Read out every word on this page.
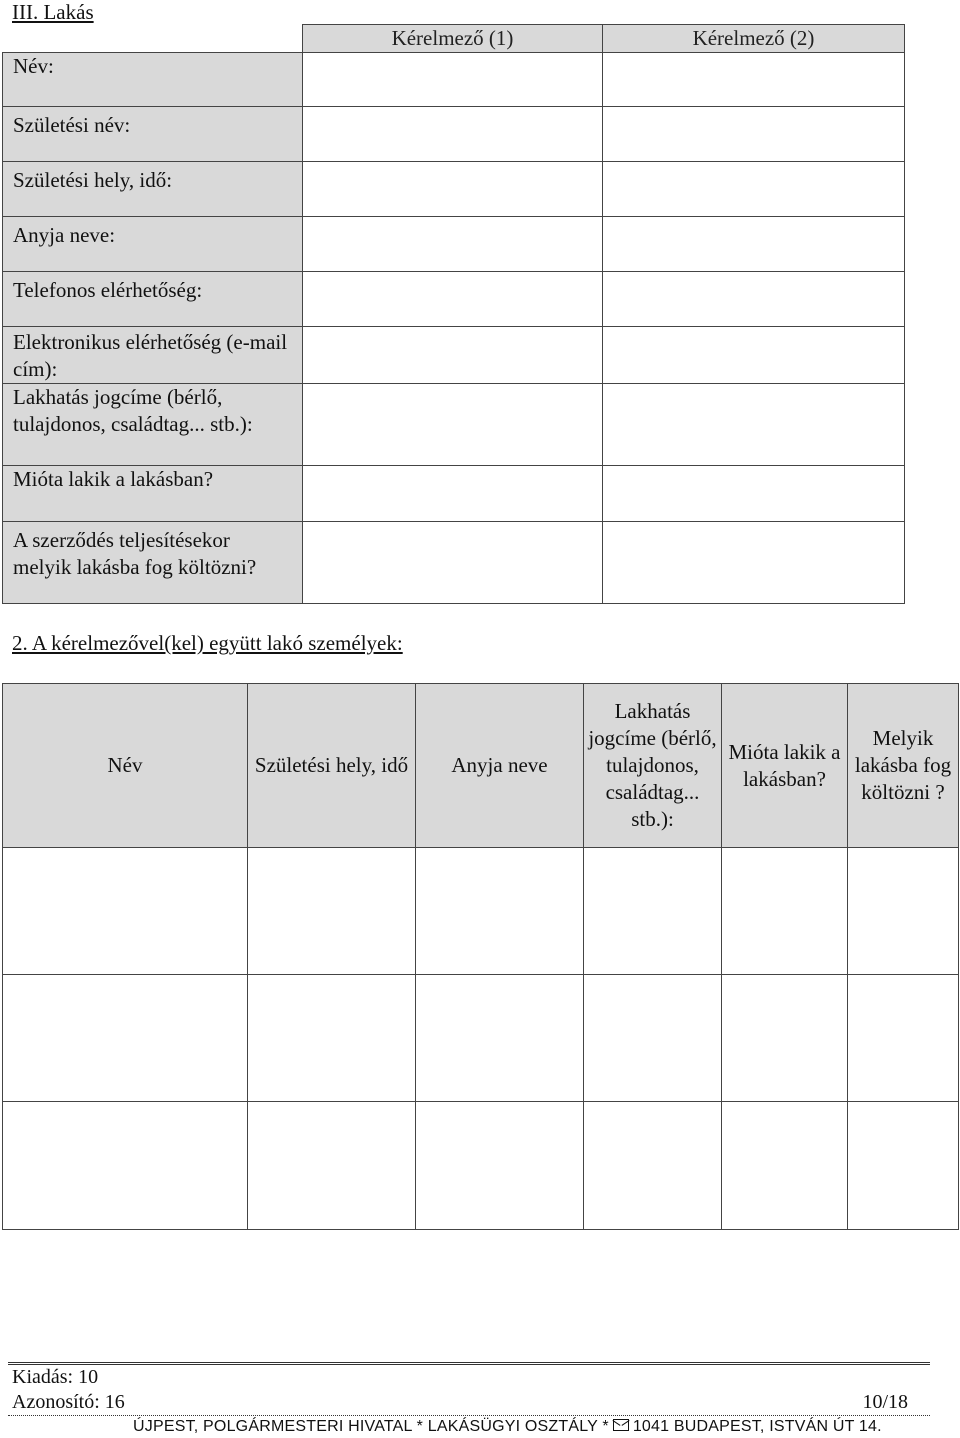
III. Lakás
	Kérelmező (1)	Kérelmező (2)
Név:		
Születési név:		
Születési hely, idő:		
Anyja neve:		
Telefonos elérhetőség:		
Elektronikus elérhetőség (e-mail cím):		
Lakhatás jogcíme (bérlő, tulajdonos, családtag... stb.):		
Mióta lakik a lakásban?		
A szerződés teljesítésekor melyik lakásba fog költözni?		
2. A kérelmezővel(kel) együtt lakó személyek:
Név	Születési hely, idő	Anyja neve	Lakhatás jogcíme (bérlő, tulajdonos, családtag... stb.):	Mióta lakik a lakásban?	Melyik lakásba fog költözni ?

Kiadás: 10
Azonosító: 16	10/18
ÚJPEST, POLGÁRMESTERI HIVATAL * LAKÁSÜGYI OSZTÁLY * 1041 BUDAPEST, ISTVÁN ÚT 14.
